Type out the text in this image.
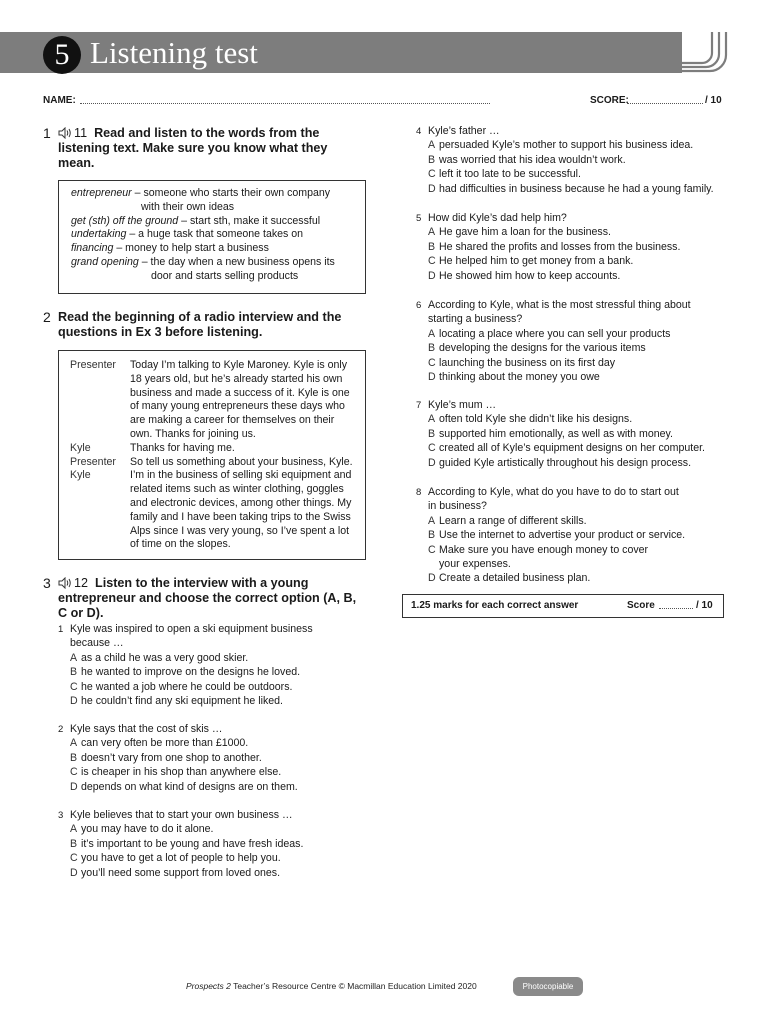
5 Listening test
NAME:	SCORE:	/ 10
1	11 Read and listen to the words from the listening text. Make sure you know what they mean.
entrepreneur – someone who starts their own company
with their own ideas
get (sth) off the ground – start sth, make it successful
undertaking – a huge task that someone takes on
financing – money to help start a business
grand opening – the day when a new business opens its
door and starts selling products
2 Read the beginning of a radio interview and the questions in Ex 3 before listening.
Presenter	Today I’m talking to Kyle Maroney. Kyle is only 18 years old, but he’s already started his own business and made a success of it. Kyle is one of many young entrepreneurs these days who are making a career for themselves on their own. Thanks for joining us.
Kyle	Thanks for having me.
Presenter	So tell us something about your business, Kyle.
Kyle	I’m in the business of selling ski equipment and related items such as winter clothing, goggles and electronic devices, among other things. My family and I have been taking trips to the Swiss Alps since I was very young, so I’ve spent a lot of time on the slopes.
3	12 Listen to the interview with a young entrepreneur and choose the correct option (A, B, C or D).
1 Kyle was inspired to open a ski equipment business
because …
A as a child he was a very good skier.
B he wanted to improve on the designs he loved.
C he wanted a job where he could be outdoors.
D he couldn’t find any ski equipment he liked.
2 Kyle says that the cost of skis …
A can very often be more than £1000.
B doesn’t vary from one shop to another.
C is cheaper in his shop than anywhere else.
D depends on what kind of designs are on them.
3 Kyle believes that to start your own business …
A you may have to do it alone.
B it’s important to be young and have fresh ideas.
C you have to get a lot of people to help you.
D you’ll need some support from loved ones.
4 Kyle’s father …
A persuaded Kyle’s mother to support his business idea.
B was worried that his idea wouldn’t work.
C left it too late to be successful.
D had difficulties in business because he had a young family.
5 How did Kyle’s dad help him?
A He gave him a loan for the business.
B He shared the profits and losses from the business.
C He helped him to get money from a bank.
D He showed him how to keep accounts.
6 According to Kyle, what is the most stressful thing about
starting a business?
A locating a place where you can sell your products
B developing the designs for the various items
C launching the business on its first day
D thinking about the money you owe
7 Kyle’s mum …
A often told Kyle she didn’t like his designs.
B supported him emotionally, as well as with money.
C created all of Kyle’s equipment designs on her computer.
D guided Kyle artistically throughout his design process.
8 According to Kyle, what do you have to do to start out
in business?
A Learn a range of different skills.
B Use the internet to advertise your product or service.
C Make sure you have enough money to cover
your expenses.
D Create a detailed business plan.
1.25 marks for each correct answer	Score	/ 10
Prospects 2 Teacher’s Resource Centre © Macmillan Education Limited 2020	Photocopiable
